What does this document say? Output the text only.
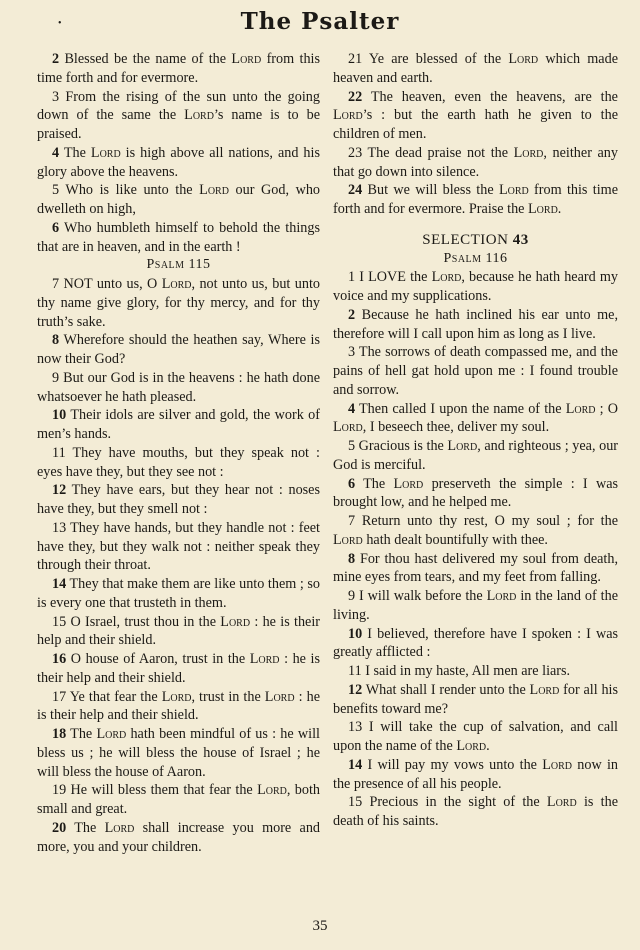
•	The Psalter

2 Blessed be the name of the Lord from this time forth and for evermore.

3 From the rising of the sun unto the going down of the same the Lord’s name is to be praised.

4 The Lord is high above all nations, and his glory above the heavens.

5 Who is like unto the Lord our God, who dwelleth on high,

6 Who humbleth himself to behold the things that are in heaven, and in the earth !

Psalm 115

7 NOT unto us, O Lord, not unto us, but unto thy name give glory, for thy mercy, and for thy truth’s sake.

8 Wherefore should the heathen say, Where is now their God?

9 But our God is in the heavens : he hath done whatsoever he hath pleased.

10 Their idols are silver and gold, the work of men’s hands.

11 They have mouths, but they speak not : eyes have they, but they see not :

12 They have ears, but they hear not : noses have they, but they smell not :

13 They have hands, but they handle not : feet have they, but they walk not : neither speak they through their throat.

14 They that make them are like unto them ; so is every one that trusteth in them.

15 O Israel, trust thou in the Lord : he is their help and their shield.

16 O house of Aaron, trust in the Lord : he is their help and their shield.

17 Ye that fear the Lord, trust in the Lord : he is their help and their shield.

18 The Lord hath been mindful of us : he will bless us ; he will bless the house of Israel ; he will bless the house of Aaron.

19 He will bless them that fear the Lord, both small and great.

20 The Lord shall increase you more and more, you and your children.

21 Ye are blessed of the Lord which made heaven and earth.

22 The heaven, even the heavens, are the Lord’s : but the earth hath he given to the children of men.

23 The dead praise not the Lord, neither any that go down into silence.

24 But we will bless the Lord from this time forth and for evermore. Praise the Lord.

SELECTION 43

Psalm 116

1 I LOVE the Lord, because he hath heard my voice and my supplications.

2 Because he hath inclined his ear unto me, therefore will I call upon him as long as I live.

3 The sorrows of death compassed me, and the pains of hell gat hold upon me : I found trouble and sorrow.

4 Then called I upon the name of the Lord ; O Lord, I beseech thee, deliver my soul.

5 Gracious is the Lord, and righteous ; yea, our God is merciful.

6 The Lord preserveth the simple : I was brought low, and he helped me.

7 Return unto thy rest, O my soul ; for the Lord hath dealt bountifully with thee.

8 For thou hast delivered my soul from death, mine eyes from tears, and my feet from falling.

9 I will walk before the Lord in the land of the living.

10 I believed, therefore have I spoken : I was greatly afflicted :

11 I said in my haste, All men are liars.

12 What shall I render unto the Lord for all his benefits toward me?

13 I will take the cup of salvation, and call upon the name of the Lord.

14 I will pay my vows unto the Lord now in the presence of all his people.

15 Precious in the sight of the Lord is the death of his saints.

35
